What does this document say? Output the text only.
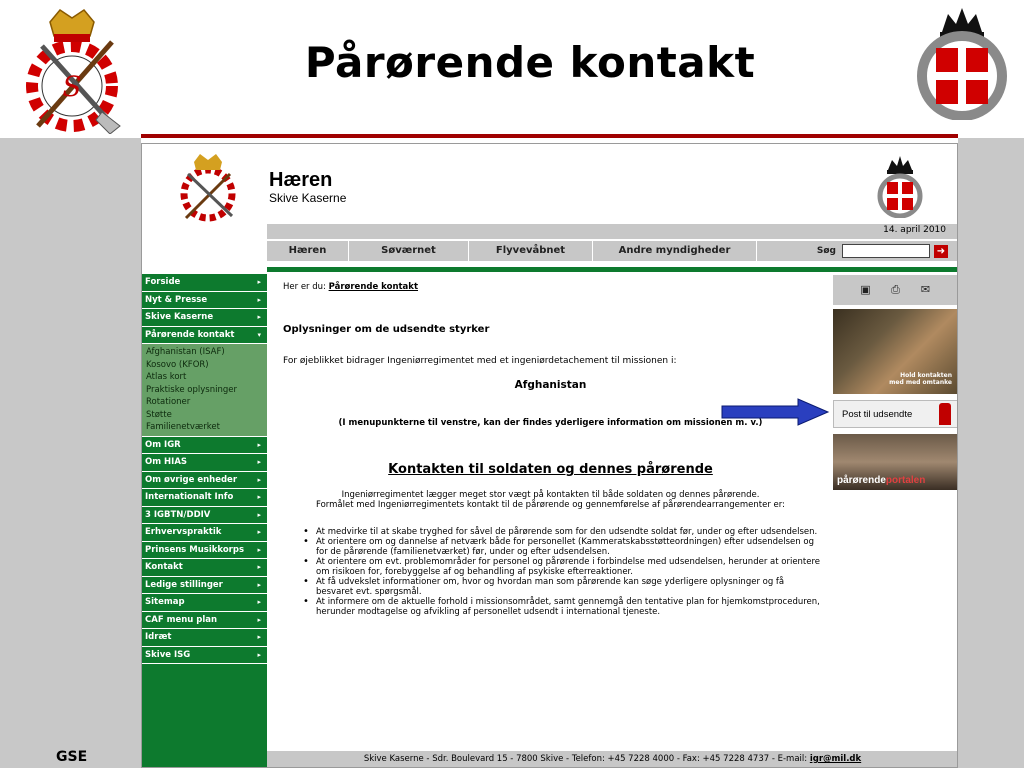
S	Pårørende kontakt
GSE
Hæren
Skive Kaserne
14. april 2010
Hæren	Søværnet	Flyvevåbnet	Andre myndigheder	Søg	➜
Forside	▸
Nyt & Presse	▸
Skive Kaserne	▸
Pårørende kontakt	▾
Afghanistan (ISAF)
Kosovo (KFOR)
Atlas kort
Praktiske oplysninger
Rotationer
Støtte
Familienetværket
Om IGR	▸
Om HIAS	▸
Om øvrige enheder	▸
Internationalt Info	▸
3 IGBTN/DDIV	▸
Erhvervspraktik	▸
Prinsens Musikkorps ▸
Kontakt	▸
Ledige stillinger	▸
Sitemap	▸
CAF menu plan	▸
Idræt	▸
Skive ISG	▸
Her er du: Pårørende kontakt
Oplysninger om de udsendte styrker
For øjeblikket bidrager Ingeniørregimentet med et ingeniørdetachement til missionen i:
Afghanistan
(I menupunkterne til venstre, kan der findes yderligere information om missionen m. v.)
Kontakten til soldaten og dennes pårørende
Ingeniørregimentet lægger meget stor vægt på kontakten til både soldaten og dennes pårørende.
Formålet med Ingeniørregimentets kontakt til de pårørende og gennemførelse af pårørendearrangementer er:
• At medvirke til at skabe tryghed for såvel de pårørende som for den udsendte soldat før, under og efter udsendelsen.
• At orientere om og dannelse af netværk både for personellet (Kammeratskabsstøtteordningen) efter udsendelsen og for de pårørende (familienetværket) før, under og efter udsendelsen.
• At orientere om evt. problemområder for personel og pårørende i forbindelse med udsendelsen, herunder at orientere om risikoen for, forebyggelse af og behandling af psykiske efterreaktioner.
• At få udvekslet informationer om, hvor og hvordan man som pårørende kan søge yderligere oplysninger og få besvaret evt. spørgsmål.
• At informere om de aktuelle forhold i missionsområdet, samt gennemgå den tentative plan for hjemkomstproceduren, herunder modtagelse og afvikling af personellet udsendt i international tjeneste.
▣	⎙	✉
Hold kontakten
med med omtanke
Post til udsendte
pårørendeportalen
Skive Kaserne - Sdr. Boulevard 15 - 7800 Skive - Telefon: +45 7228 4000 - Fax: +45 7228 4737 - E-mail: igr@mil.dk
